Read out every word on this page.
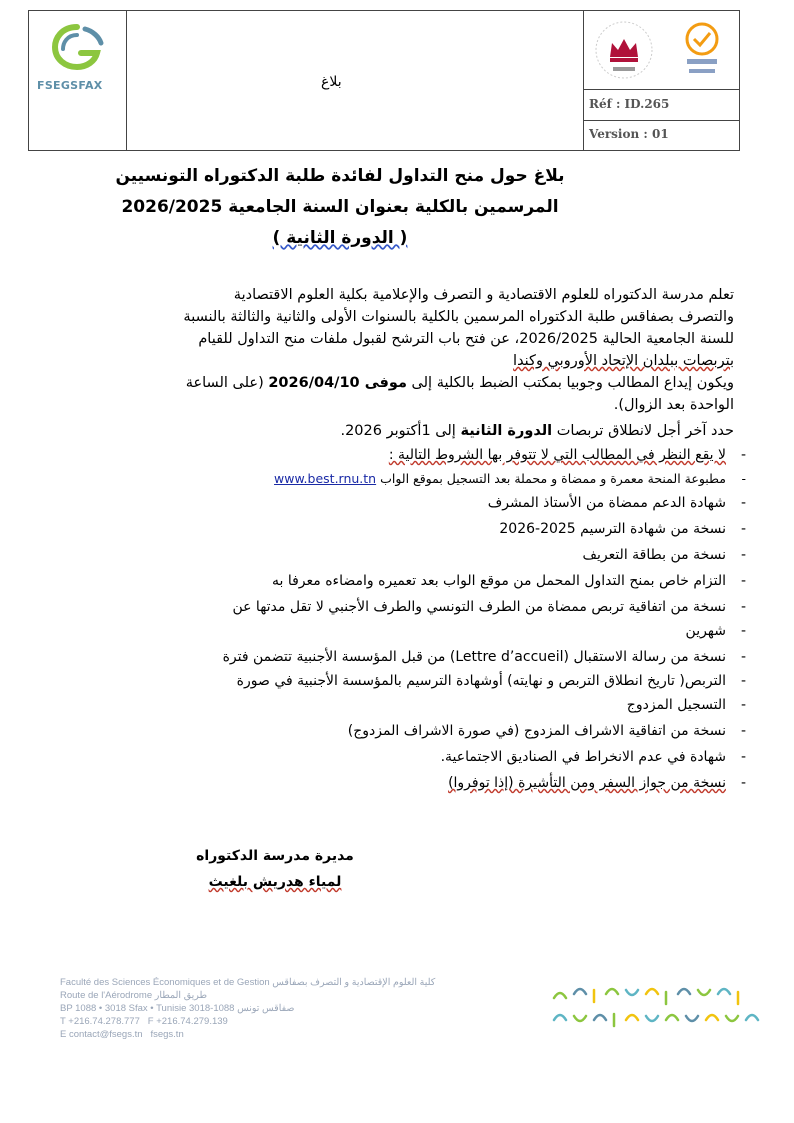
FSEGSFAX	بلاغ
Réf : ID.265
Version : 01
بلاغ حول منح التداول لفائدة طلبة الدكتوراه التونسيين
المرسمين بالكلية بعنوان السنة الجامعية 2026/2025
( الدورة الثانية )
تعلم مدرسة الدكتوراه للعلوم الاقتصادية و التصرف والإعلامية بكلية العلوم الاقتصادية
والتصرف بصفاقس طلبة الدكتوراه المرسمين بالكلية بالسنوات الأولى والثانية والثالثة بالنسبة
للسنة الجامعية الحالية 2026/2025، عن فتح باب الترشح لقبول ملفات منح التداول للقيام
بتربصات ببلدان الإتحاد الأوروبي وكندا
ويكون إيداع المطالب وجوبيا بمكتب الضبط بالكلية إلى موفى 2026/04/10 (على الساعة
الواحدة بعد الزوال).
حدد آخر أجل لانطلاق تربصات الدورة الثانية إلى 1أكتوبر 2026.
- لا يقع النظر في المطالب التي لا تتوفر بها الشروط التالية :
- مطبوعة المنحة معمرة و ممضاة و محملة بعد التسجيل بموقع الواب www.best.rnu.tn
- شهادة الدعم ممضاة من الأستاذ المشرف
- نسخة من شهادة الترسيم 2025-2026
- نسخة من بطاقة التعريف
- التزام خاص بمنح التداول المحمل من موقع الواب بعد تعميره وامضاءه معرفا به
- نسخة من اتفاقية تربص ممضاة من الطرف التونسي والطرف الأجنبي لا تقل مدتها عن
- شهرين
- نسخة من رسالة الاستقبال (Lettre d’accueil) من قبل المؤسسة الأجنبية تتضمن فترة
- التربص( تاريخ انطلاق التربص و نهايته) أوشهادة الترسيم بالمؤسسة الأجنبية في صورة
- التسجيل المزدوج
- نسخة من اتفاقية الاشراف المزدوج (في صورة الاشراف المزدوج)
- شهادة في عدم الانخراط في الصناديق الاجتماعية.
- نسخة من جواز السفر ومن التأشيرة (إذا توفروا)
مديرة مدرسة الدكتوراه
لمياء هدريش بلغيث
Faculté des Sciences Économiques et de Gestion كلية العلوم الإقتصادية و التصرف بصفاقس
Route de l'Aérodrome طريق المطار
BP 1088 • 3018 Sfax • Tunisie 3018-1088 صفاقس تونس
T +216.74.278.777 F +216.74.279.139
E contact@fsegs.tn fsegs.tn
